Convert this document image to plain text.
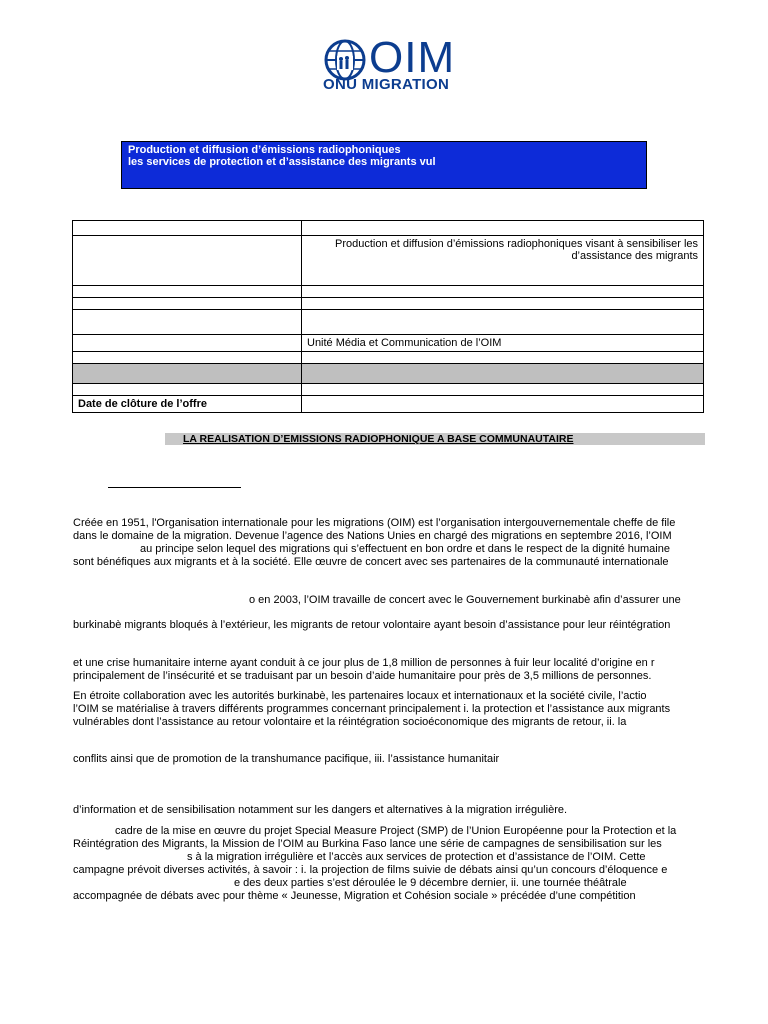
OIM
ONU MIGRATION
Production et diffusion d’émissions radiophoniques
les services de protection et d’assistance des migrants vul

	Production et diffusion d’émissions radiophoniques visant à sensibiliser les
d’assistance des migrants

	Unité Média et Communication de l’OIM

Date de clôture de l’offre	
LA REALISATION D’EMISSIONS RADIOPHONIQUE A BASE COMMUNAUTAIRE
Créée en 1951, l'Organisation internationale pour les migrations (OIM) est l’organisation intergouvernementale cheffe de file
dans le domaine de la migration. Devenue l’agence des Nations Unies en chargé des migrations en septembre 2016, l’OIM
au principe selon lequel des migrations qui s’effectuent en bon ordre et dans le respect de la dignité humaine
sont bénéfiques aux migrants et à la société. Elle œuvre de concert avec ses partenaires de la communauté internationale
o en 2003, l’OIM travaille de concert avec le Gouvernement burkinabè afin d’assurer une
burkinabè migrants bloqués à l’extérieur, les migrants de retour volontaire ayant besoin d’assistance pour leur réintégration
et une crise humanitaire interne ayant conduit à ce jour plus de 1,8 million de personnes à fuir leur localité d’origine en r
principalement de l’insécurité et se traduisant par un besoin d’aide humanitaire pour près de 3,5 millions de personnes.
En étroite collaboration avec les autorités burkinabè, les partenaires locaux et internationaux et la société civile, l’actio
l’OIM se matérialise à travers différents programmes concernant principalement i. la protection et l’assistance aux migrants
vulnérables dont l’assistance au retour volontaire et la réintégration socioéconomique des migrants de retour, ii. la
conflits ainsi que de promotion de la transhumance pacifique, iii. l’assistance humanitair
d’information et de sensibilisation notamment sur les dangers et alternatives à la migration irrégulière.
cadre de la mise en œuvre du projet Special Measure Project (SMP) de l’Union Européenne pour la Protection et la
Réintégration des Migrants, la Mission de l’OIM au Burkina Faso lance une série de campagnes de sensibilisation sur les
s à la migration irrégulière et l’accès aux services de protection et d’assistance de l’OIM. Cette
campagne prévoit diverses activités, à savoir : i. la projection de films suivie de débats ainsi qu’un concours d’éloquence e
e des deux parties s’est déroulée le 9 décembre dernier, ii. une tournée théâtrale
accompagnée de débats avec pour thème « Jeunesse, Migration et Cohésion sociale » précédée d’une compétition
